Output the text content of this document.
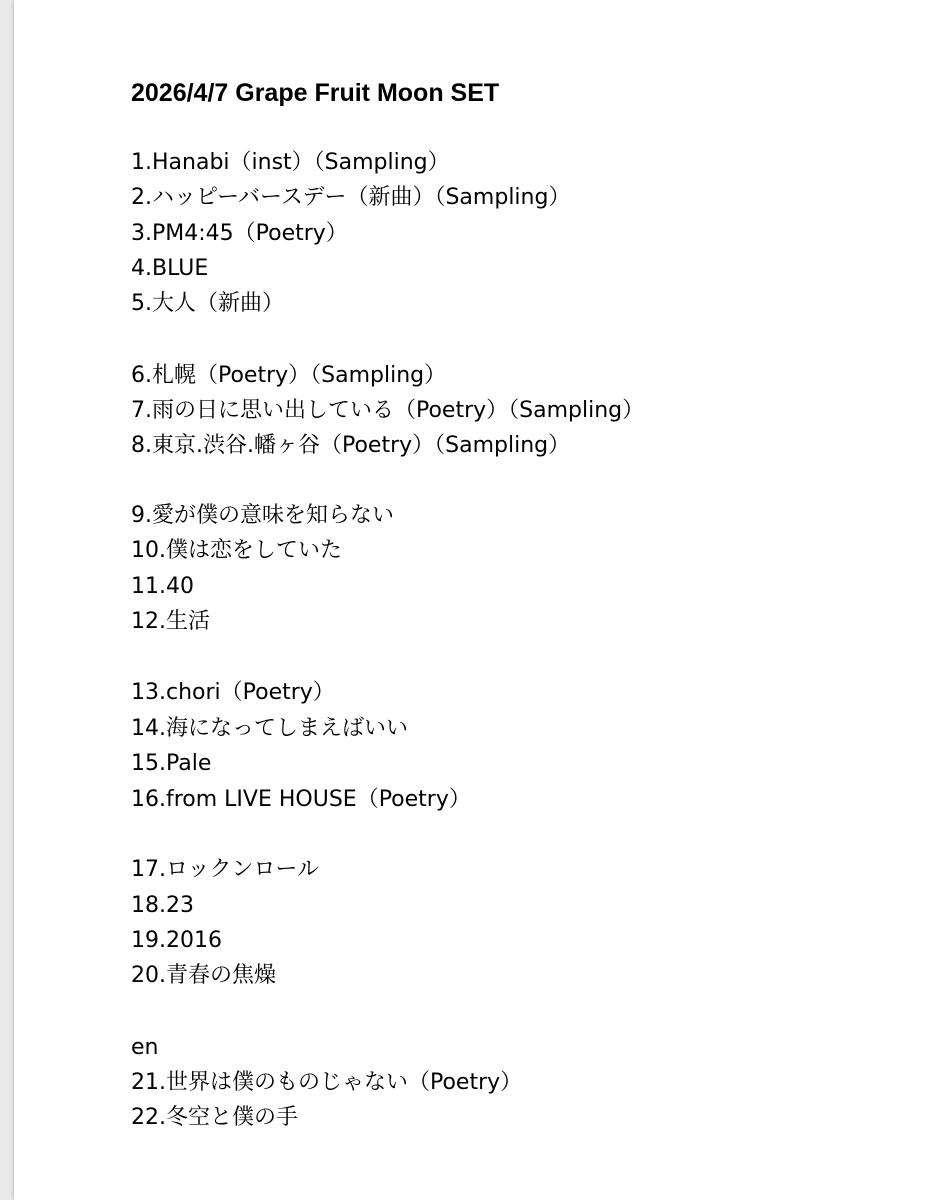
2026/4/7 Grape Fruit Moon SET
1.Hanabi（inst）（Sampling）
2.ハッピーバースデー（新曲）（Sampling）
3.PM4:45（Poetry）
4.BLUE
5.大人（新曲）
6.札幌（Poetry）（Sampling）
7.雨の日に思い出している（Poetry）（Sampling）
8.東京.渋谷.幡ヶ谷（Poetry）（Sampling）
9.愛が僕の意味を知らない
10.僕は恋をしていた
11.40
12.生活
13.chori（Poetry）
14.海になってしまえばいい
15.Pale
16.from LIVE HOUSE（Poetry）
17.ロックンロール
18.23
19.2016
20.青春の焦燥
en
21.世界は僕のものじゃない（Poetry）
22.冬空と僕の手
